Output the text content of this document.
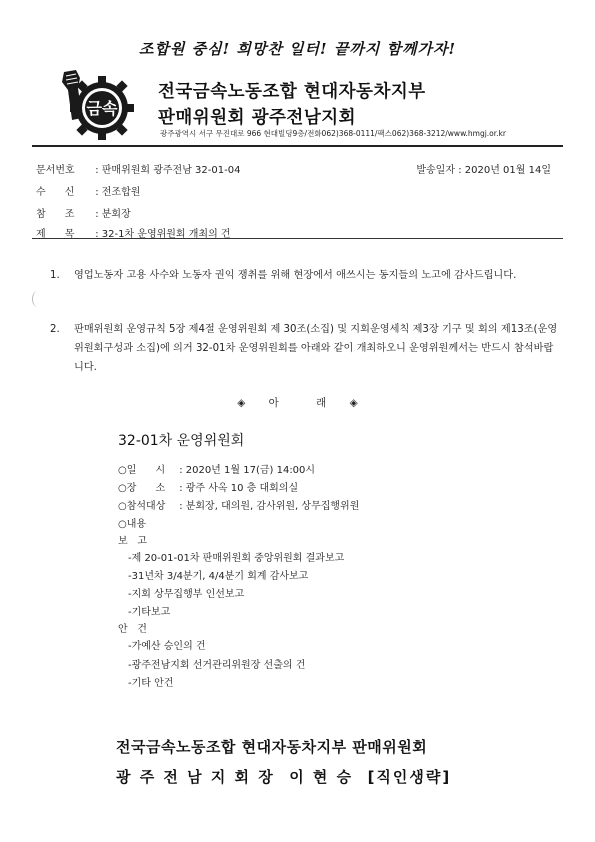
조합원 중심! 희망찬 일터! 끝까지 함께가자!
금속
전국금속노동조합 현대자동차지부
판매위원회 광주전남지회
광주광역시 서구 무진대로 966 현대빌딩9층/전화062)368-0111/팩스062)368-3212/www.hmgj.or.kr
문서번호 : 판매위원회 광주전남 32-01-04	발송일자 : 2020년 01월 14일
수      신 : 전조합원
참      조 : 분회장
제      목 : 32-1차 운영위원회 개최의 건
1.	영업노동자 고용 사수와 노동자 권익 쟁취를 위해 현장에서 애쓰시는 동지들의 노고에 감사드립니다.
2.	판매위원회 운영규칙 5장 제4절 운영위원회 제 30조(소집) 및 지회운영세칙 제3장 기구 및 회의 제13조(운영위원회구성과 소집)에 의거 32-01차 운영위원회를 아래와 같이 개최하오니 운영위원께서는 반드시 참석바랍니다.
◈ 아	래 ◈
32-01차 운영위원회
○일      시 : 2020년 1월 17(금) 14:00시
○장      소 : 광주 사옥 10 층 대회의실
○참석대상 : 분회장, 대의원, 감사위원, 상무집행위원
○내용
보   고
-제 20-01-01차 판매위원회 중앙위원회 결과보고
-31년차 3/4분기, 4/4분기 회계 감사보고
-지회 상무집행부 인선보고
-기타보고
안   건
-가예산 승인의 건
-광주전남지회 선거관리위원장 선출의 건
-기타 안건
전국금속노동조합 현대자동차지부 판매위원회
광 주 전 남 지 회 장  이 현 승  [직인생략]
